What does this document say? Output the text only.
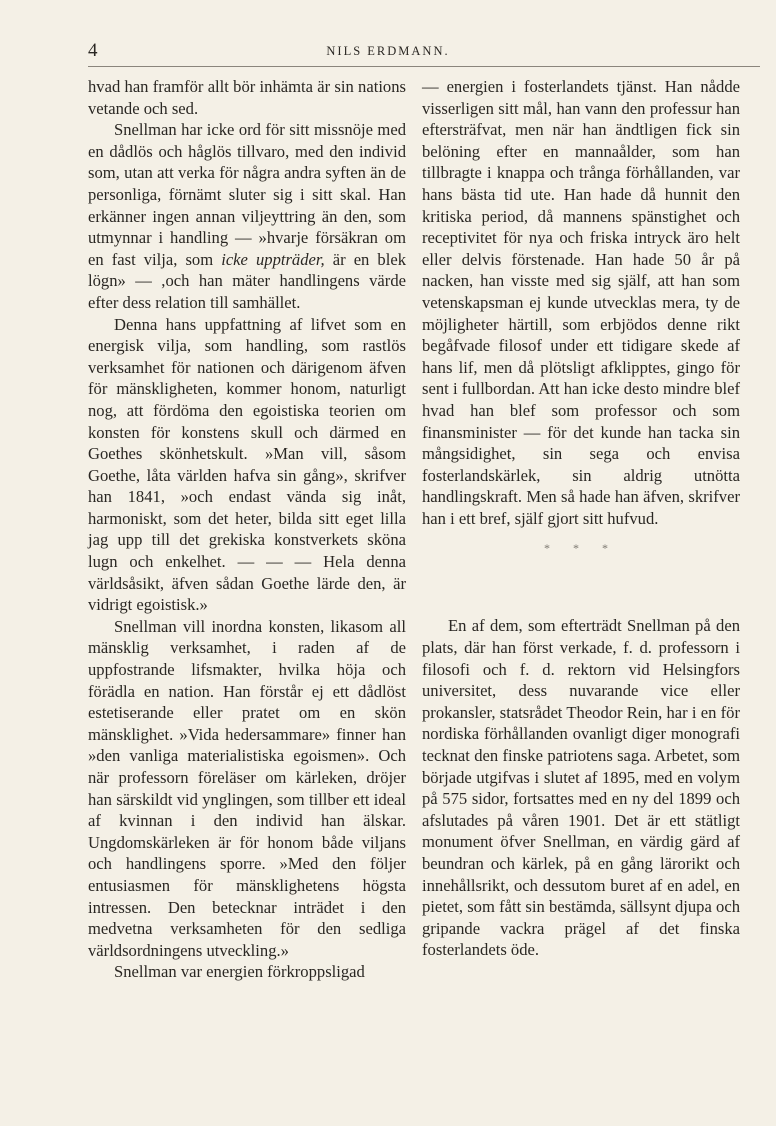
4	NILS ERDMANN.

hvad han framför allt bör inhämta är sin nations vetande och sed.

Snellman har icke ord för sitt missnöje med en dådlös och håglös tillvaro, med den individ som, utan att verka för några andra syften än de personliga, förnämt sluter sig i sitt skal. Han erkänner ingen annan viljeyttring än den, som utmynnar i handling — »hvarje försäkran om en fast vilja, som icke uppträder, är en blek lögn» — ,och han mäter handlingens värde efter dess relation till samhället.

Denna hans uppfattning af lifvet som en energisk vilja, som handling, som rastlös verksamhet för nationen och därigenom äfven för mänskligheten, kommer honom, naturligt nog, att fördöma den egoistiska teorien om konsten för konstens skull och därmed en Goethes skönhetskult. »Man vill, såsom Goethe, låta världen hafva sin gång», skrifver han 1841, »och endast vända sig inåt, harmoniskt, som det heter, bilda sitt eget lilla jag upp till det grekiska konstverkets sköna lugn och enkelhet. — — — Hela denna världsåsikt, äfven sådan Goethe lärde den, är vidrigt egoistisk.»

Snellman vill inordna konsten, likasom all mänsklig verksamhet, i raden af de uppfostrande lifsmakter, hvilka höja och förädla en nation. Han förstår ej ett dådlöst estetiserande eller pratet om en skön mänsklighet. »Vida hedersammare» finner han »den vanliga materialistiska egoismen». Och när professorn föreläser om kärleken, dröjer han särskildt vid ynglingen, som tillber ett ideal af kvinnan i den individ han älskar. Ungdomskärleken är för honom både viljans och handlingens sporre. »Med den följer entusiasmen för mänsklighetens högsta intressen. Den betecknar inträdet i den medvetna verksamheten för den sedliga världsordningens utveckling.»

Snellman var energien förkroppsligad

— energien i fosterlandets tjänst. Han nådde visserligen sitt mål, han vann den professur han eftersträfvat, men när han ändtligen fick sin belöning efter en mannaålder, som han tillbragte i knappa och trånga förhållanden, var hans bästa tid ute. Han hade då hunnit den kritiska period, då mannens spänstighet och receptivitet för nya och friska intryck äro helt eller delvis förstenade. Han hade 50 år på nacken, han visste med sig själf, att han som vetenskapsman ej kunde utvecklas mera, ty de möjligheter härtill, som erbjödos denne rikt begåfvade filosof under ett tidigare skede af hans lif, men då plötsligt afklipptes, gingo för sent i fullbordan. Att han icke desto mindre blef hvad han blef som professor och som finansminister — för det kunde han tacka sin mångsidighet, sin sega och envisa fosterlandskärlek, sin aldrig utnötta handlingskraft. Men så hade han äfven, skrifver han i ett bref, själf gjort sitt hufvud.

* * *

En af dem, som efterträdt Snellman på den plats, där han först verkade, f. d. professorn i filosofi och f. d. rektorn vid Helsingfors universitet, dess nuvarande vice eller prokansler, statsrådet Theodor Rein, har i en för nordiska förhållanden ovanligt diger monografi tecknat den finske patriotens saga. Arbetet, som började utgifvas i slutet af 1895, med en volym på 575 sidor, fortsattes med en ny del 1899 och afslutades på våren 1901. Det är ett stätligt monument öfver Snellman, en värdig gärd af beundran och kärlek, på en gång lärorikt och innehållsrikt, och dessutom buret af en adel, en pietet, som fått sin bestämda, sällsynt djupa och gripande vackra prägel af det finska fosterlandets öde.
